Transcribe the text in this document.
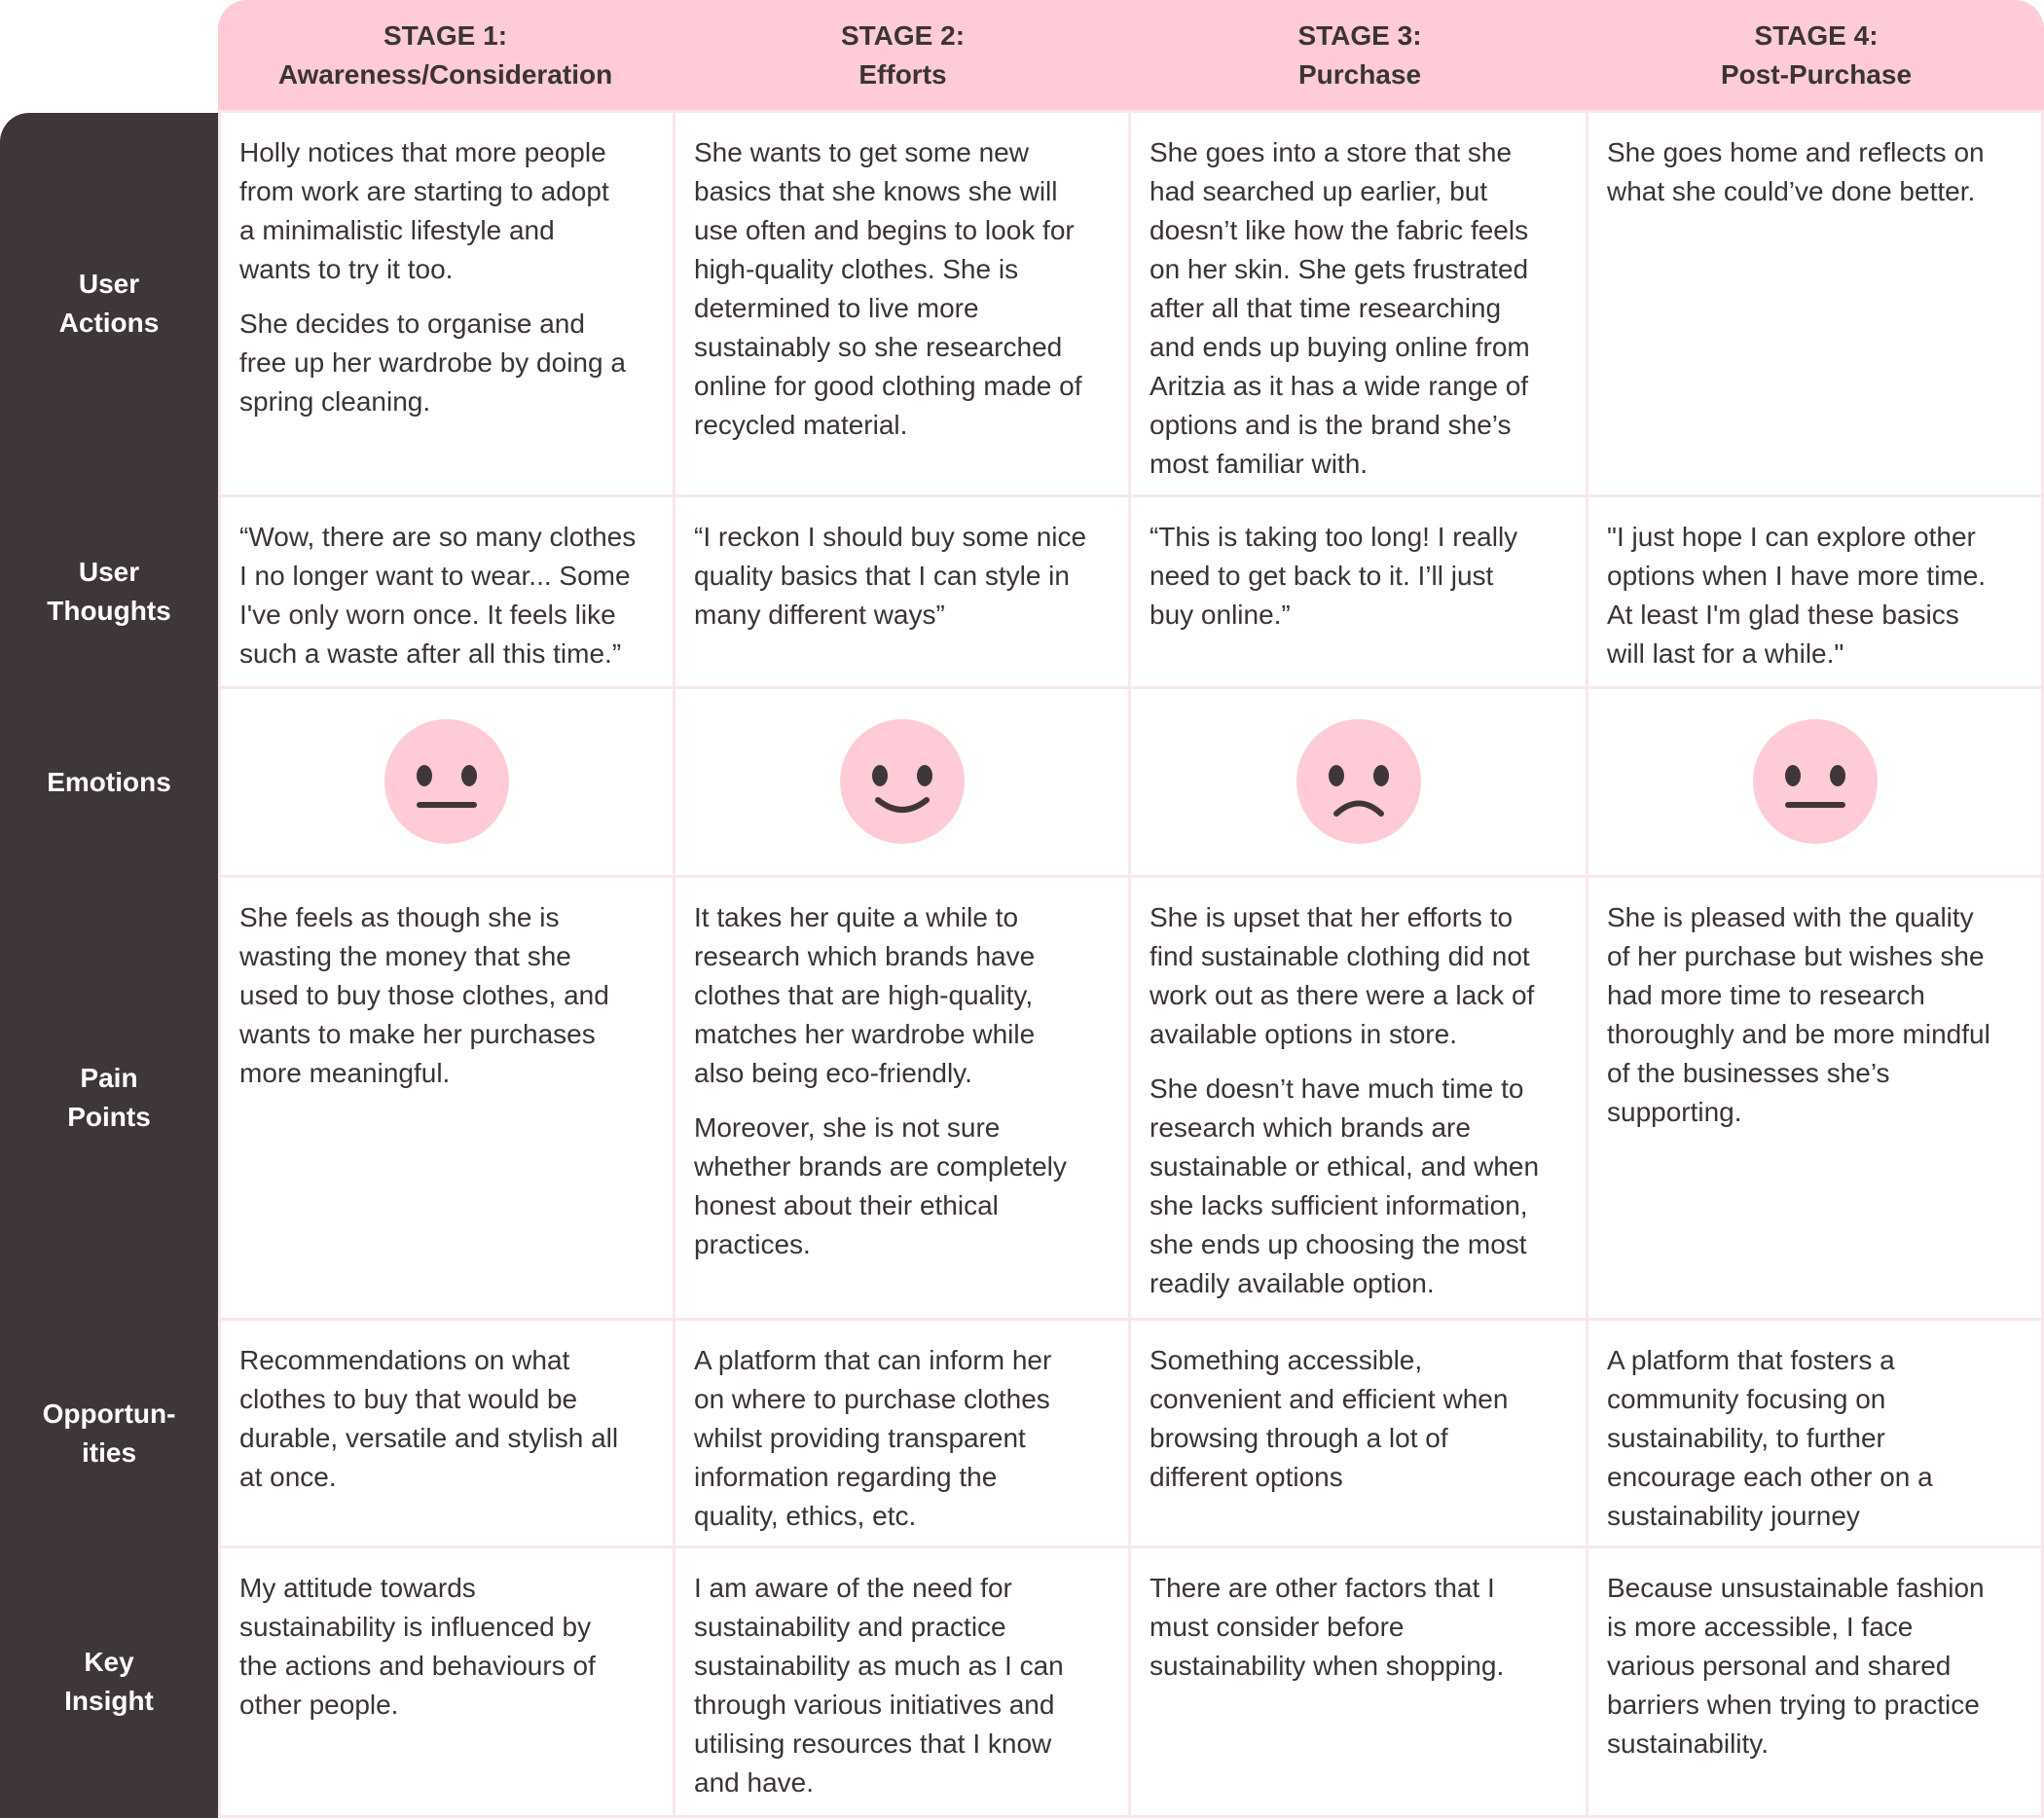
STAGE 1:
Awareness/Consideration
STAGE 2:
Efforts
STAGE 3:
Purchase
STAGE 4:
Post-Purchase
User
Actions
User
Thoughts
Emotions
Pain
Points
Opportun-
ities
Key
Insight

Holly notices that more people
from work are starting to adopt
a minimalistic lifestyle and
wants to try it too.

She decides to organise and
free up her wardrobe by doing a
spring cleaning.

She wants to get some new
basics that she knows she will
use often and begins to look for
high-quality clothes. She is
determined to live more
sustainably so she researched
online for good clothing made of
recycled material.

She goes into a store that she
had searched up earlier, but
doesn’t like how the fabric feels
on her skin. She gets frustrated
after all that time researching
and ends up buying online from
Aritzia as it has a wide range of
options and is the brand she’s
most familiar with.

She goes home and reflects on
what she could’ve done better.

“Wow, there are so many clothes
I no longer want to wear... Some
I've only worn once. It feels like
such a waste after all this time.”

“I reckon I should buy some nice
quality basics that I can style in
many different ways”

“This is taking too long! I really
need to get back to it. I’ll just
buy online.”

"I just hope I can explore other
options when I have more time.
At least I'm glad these basics
will last for a while."

She feels as though she is
wasting the money that she
used to buy those clothes, and
wants to make her purchases
more meaningful.

It takes her quite a while to
research which brands have
clothes that are high-quality,
matches her wardrobe while
also being eco-friendly.

Moreover, she is not sure
whether brands are completely
honest about their ethical
practices.

She is upset that her efforts to
find sustainable clothing did not
work out as there were a lack of
available options in store.

She doesn’t have much time to
research which brands are
sustainable or ethical, and when
she lacks sufficient information,
she ends up choosing the most
readily available option.

She is pleased with the quality
of her purchase but wishes she
had more time to research
thoroughly and be more mindful
of the businesses she’s
supporting.

Recommendations on what
clothes to buy that would be
durable, versatile and stylish all
at once.

A platform that can inform her
on where to purchase clothes
whilst providing transparent
information regarding the
quality, ethics, etc.

Something accessible,
convenient and efficient when
browsing through a lot of
different options

A platform that fosters a
community focusing on
sustainability, to further
encourage each other on a
sustainability journey

My attitude towards
sustainability is influenced by
the actions and behaviours of
other people.

I am aware of the need for
sustainability and practice
sustainability as much as I can
through various initiatives and
utilising resources that I know
and have.

There are other factors that I
must consider before
sustainability when shopping.

Because unsustainable fashion
is more accessible, I face
various personal and shared
barriers when trying to practice
sustainability.
